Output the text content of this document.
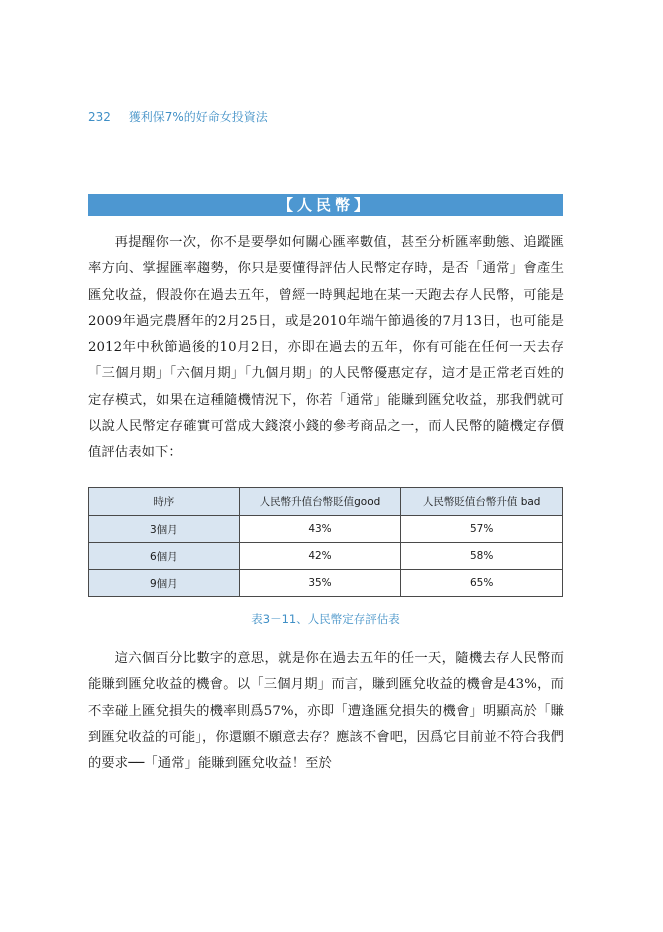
232 獲利保7%的好命女投資法
【人民幣】

再提醒你一次，你不是要學如何關心匯率數值，甚至分析匯率動態、追蹤匯率方向、掌握匯率趨勢，你只是要懂得評估人民幣定存時，是否「通常」會產生匯兌收益，假設你在過去五年，曾經一時興起地在某一天跑去存人民幣，可能是2009年過完農曆年的2月25日，或是2010年端午節過後的7月13日，也可能是2012年中秋節過後的10月2日，亦即在過去的五年，你有可能在任何一天去存「三個月期」「六個月期」「九個月期」的人民幣優惠定存，這才是正常老百姓的定存模式，如果在這種隨機情況下，你若「通常」能賺到匯兌收益，那我們就可以說人民幣定存確實可當成大錢滾小錢的參考商品之一，而人民幣的隨機定存價值評估表如下：

時序	人民幣升值台幣貶值good	人民幣貶值台幣升值 bad
3個月	43%	57%
6個月	42%	58%
9個月	35%	65%
表3－11、人民幣定存評估表

這六個百分比數字的意思，就是你在過去五年的任一天，隨機去存人民幣而能賺到匯兌收益的機會。以「三個月期」而言，賺到匯兌收益的機會是43%，而不幸碰上匯兌損失的機率則爲57%，亦即「遭逢匯兌損失的機會」明顯高於「賺到匯兌收益的可能」，你還願不願意去存？應該不會吧，因爲它目前並不符合我們的要求──「通常」能賺到匯兌收益！至於
